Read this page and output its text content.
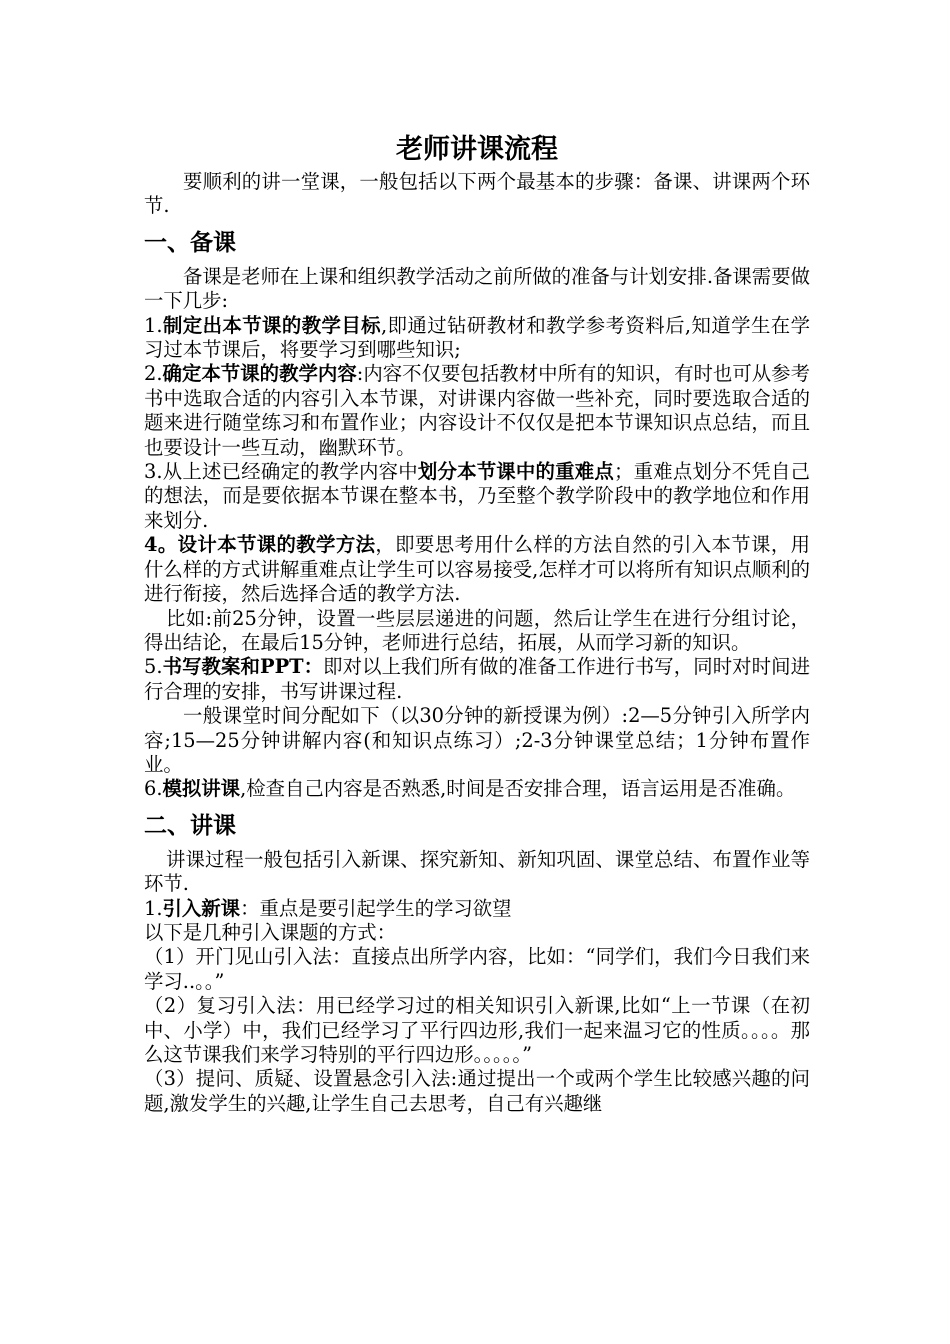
老师讲课流程

要顺利的讲一堂课，一般包括以下两个最基本的步骤：备课、讲课两个环节.

一、备课

备课是老师在上课和组织教学活动之前所做的准备与计划安排.备课需要做一下几步:

1.制定出本节课的教学目标,即通过钻研教材和教学参考资料后,知道学生在学习过本节课后，将要学习到哪些知识;

2.确定本节课的教学内容:内容不仅要包括教材中所有的知识，有时也可从参考书中选取合适的内容引入本节课，对讲课内容做一些补充，同时要选取合适的题来进行随堂练习和布置作业；内容设计不仅仅是把本节课知识点总结，而且也要设计一些互动，幽默环节。

3.从上述已经确定的教学内容中划分本节课中的重难点；重难点划分不凭自己的想法，而是要依据本节课在整本书，乃至整个教学阶段中的教学地位和作用来划分.

4。设计本节课的教学方法，即要思考用什么样的方法自然的引入本节课，用什么样的方式讲解重难点让学生可以容易接受,怎样才可以将所有知识点顺利的进行衔接，然后选择合适的教学方法.

比如:前25分钟，设置一些层层递进的问题，然后让学生在进行分组讨论，得出结论，在最后15分钟，老师进行总结，拓展，从而学习新的知识。

5.书写教案和PPT：即对以上我们所有做的准备工作进行书写，同时对时间进行合理的安排，书写讲课过程.

一般课堂时间分配如下（以30分钟的新授课为例）:2—5分钟引入所学内容;15—25分钟讲解内容(和知识点练习）;2-3分钟课堂总结；1分钟布置作业。

6.模拟讲课,检查自己内容是否熟悉,时间是否安排合理，语言运用是否准确。

二、讲课

讲课过程一般包括引入新课、探究新知、新知巩固、课堂总结、布置作业等环节.

1.引入新课：重点是要引起学生的学习欲望

以下是几种引入课题的方式：

（1）开门见山引入法：直接点出所学内容，比如：“同学们，我们今日我们来学习..。。”

（2）复习引入法：用已经学习过的相关知识引入新课,比如“上一节课（在初中、小学）中，我们已经学习了平行四边形,我们一起来温习它的性质。。。。那么这节课我们来学习特别的平行四边形。。。。。”

（3）提问、质疑、设置悬念引入法:通过提出一个或两个学生比较感兴趣的问题,激发学生的兴趣,让学生自己去思考，自己有兴趣继
